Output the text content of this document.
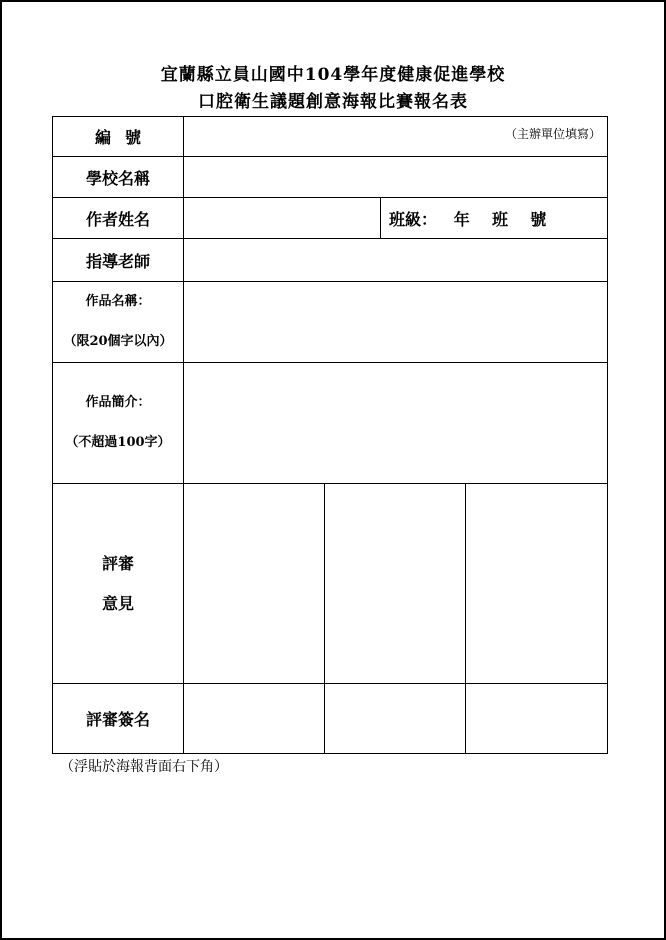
宜蘭縣立員山國中104學年度健康促進學校
口腔衛生議題創意海報比賽報名表
編號	（主辦單位填寫）			
學校名稱				
作者姓名			班級：   年    班    號	
指導老師				

作品名稱：
（限20個字以內）				

作品簡介：
（不超過100字）				

評審
意見				

評審簽名				
（浮貼於海報背面右下角）
